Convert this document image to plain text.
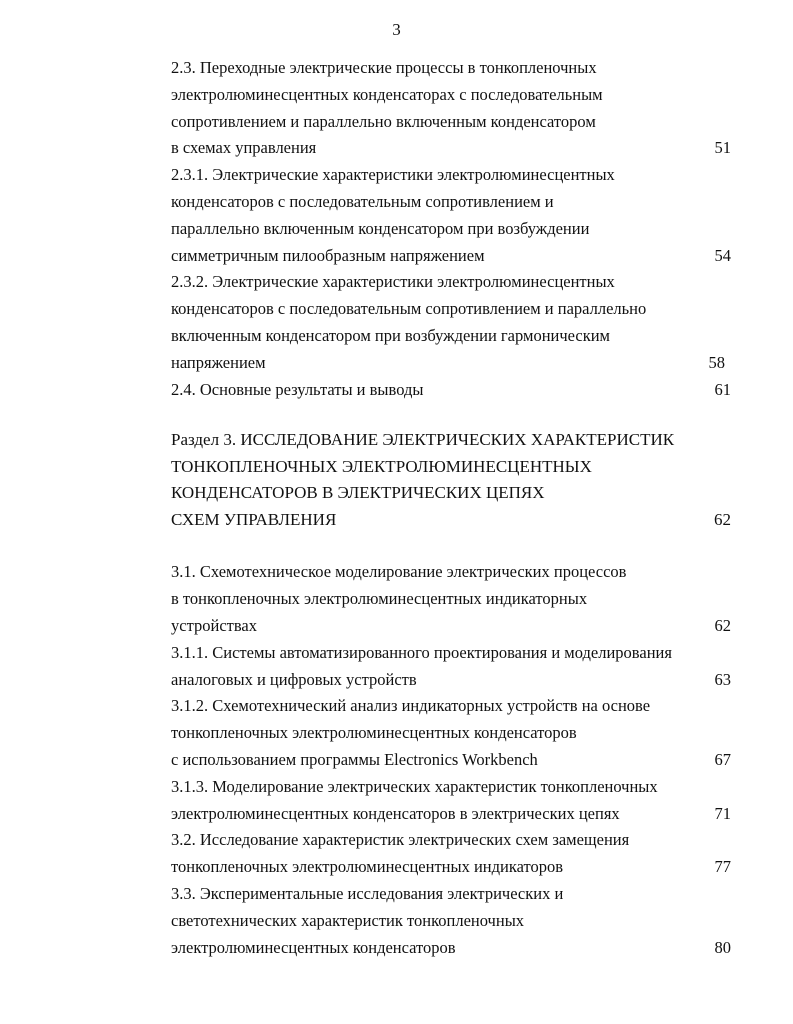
3
2.3. Переходные электрические процессы в тонкопленочных
электролюминесцентных конденсаторах с последовательным
сопротивлением и параллельно включенным конденсатором
в схемах управления	51
2.3.1. Электрические характеристики электролюминесцентных
конденсаторов с последовательным сопротивлением и
параллельно включенным конденсатором при возбуждении
симметричным пилообразным напряжением	54
2.3.2. Электрические характеристики электролюминесцентных
конденсаторов с последовательным сопротивлением и параллельно
включенным конденсатором при возбуждении гармоническим
напряжением	58
2.4. Основные результаты и выводы	61
Раздел 3. ИССЛЕДОВАНИЕ ЭЛЕКТРИЧЕСКИХ ХАРАКТЕРИСТИК
ТОНКОПЛЕНОЧНЫХ ЭЛЕКТРОЛЮМИНЕСЦЕНТНЫХ
КОНДЕНСАТОРОВ В ЭЛЕКТРИЧЕСКИХ ЦЕПЯХ
СХЕМ УПРАВЛЕНИЯ	62
3.1. Схемотехническое моделирование электрических процессов
в тонкопленочных электролюминесцентных индикаторных
устройствах	62
3.1.1. Системы автоматизированного проектирования и моделирования
аналоговых и цифровых устройств	63
3.1.2. Схемотехнический анализ индикаторных устройств на основе
тонкопленочных электролюминесцентных конденсаторов
с использованием программы Electronics Workbench	67
3.1.3. Моделирование электрических характеристик тонкопленочных
электролюминесцентных конденсаторов в электрических цепях	71
3.2. Исследование характеристик электрических схем замещения
тонкопленочных электролюминесцентных индикаторов	77
3.3. Экспериментальные исследования электрических и
светотехнических характеристик тонкопленочных
электролюминесцентных конденсаторов	80
